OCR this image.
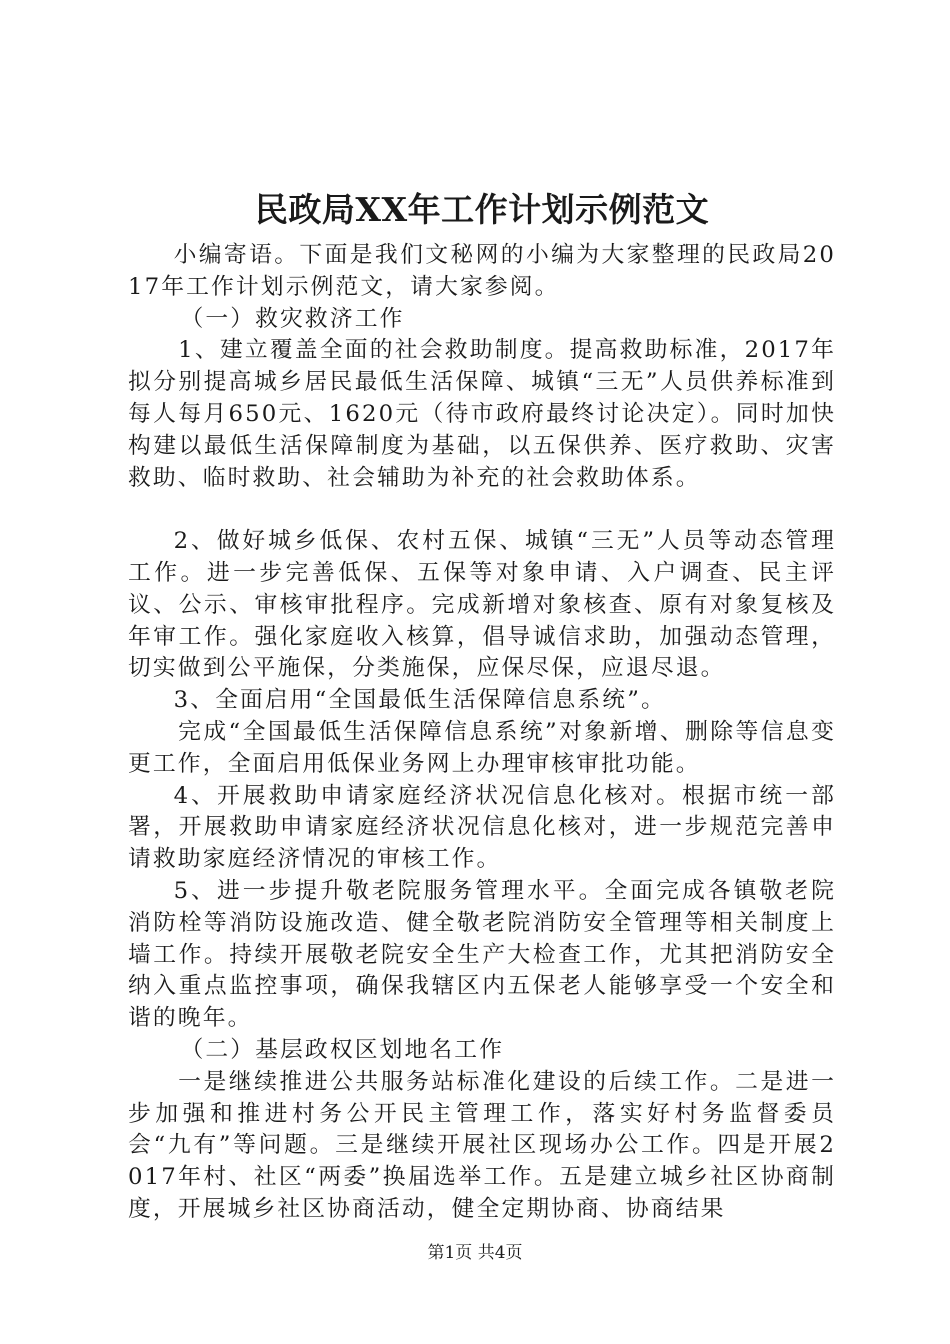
民政局XX年工作计划示例范文

小编寄语。下面是我们文秘网的小编为大家整理的民政局2017年工作计划示例范文，请大家参阅。

（一）救灾救济工作

1、建立覆盖全面的社会救助制度。提高救助标准，2017年拟分别提高城乡居民最低生活保障、城镇“三无”人员供养标准到每人每月650元、1620元（待市政府最终讨论决定）。同时加快构建以最低生活保障制度为基础，以五保供养、医疗救助、灾害救助、临时救助、社会辅助为补充的社会救助体系。

2、做好城乡低保、农村五保、城镇“三无”人员等动态管理工作。进一步完善低保、五保等对象申请、入户调查、民主评议、公示、审核审批程序。完成新增对象核查、原有对象复核及年审工作。强化家庭收入核算，倡导诚信求助，加强动态管理，切实做到公平施保，分类施保，应保尽保，应退尽退。

3、全面启用“全国最低生活保障信息系统”。

完成“全国最低生活保障信息系统”对象新增、删除等信息变更工作，全面启用低保业务网上办理审核审批功能。

4、开展救助申请家庭经济状况信息化核对。根据市统一部署，开展救助申请家庭经济状况信息化核对，进一步规范完善申请救助家庭经济情况的审核工作。

5、进一步提升敬老院服务管理水平。全面完成各镇敬老院消防栓等消防设施改造、健全敬老院消防安全管理等相关制度上墙工作。持续开展敬老院安全生产大检查工作，尤其把消防安全纳入重点监控事项，确保我辖区内五保老人能够享受一个安全和谐的晚年。

（二）基层政权区划地名工作

一是继续推进公共服务站标准化建设的后续工作。二是进一步加强和推进村务公开民主管理工作，落实好村务监督委员会“九有”等问题。三是继续开展社区现场办公工作。四是开展2017年村、社区“两委”换届选举工作。五是建立城乡社区协商制度，开展城乡社区协商活动，健全定期协商、协商结果

第1页 共4页
